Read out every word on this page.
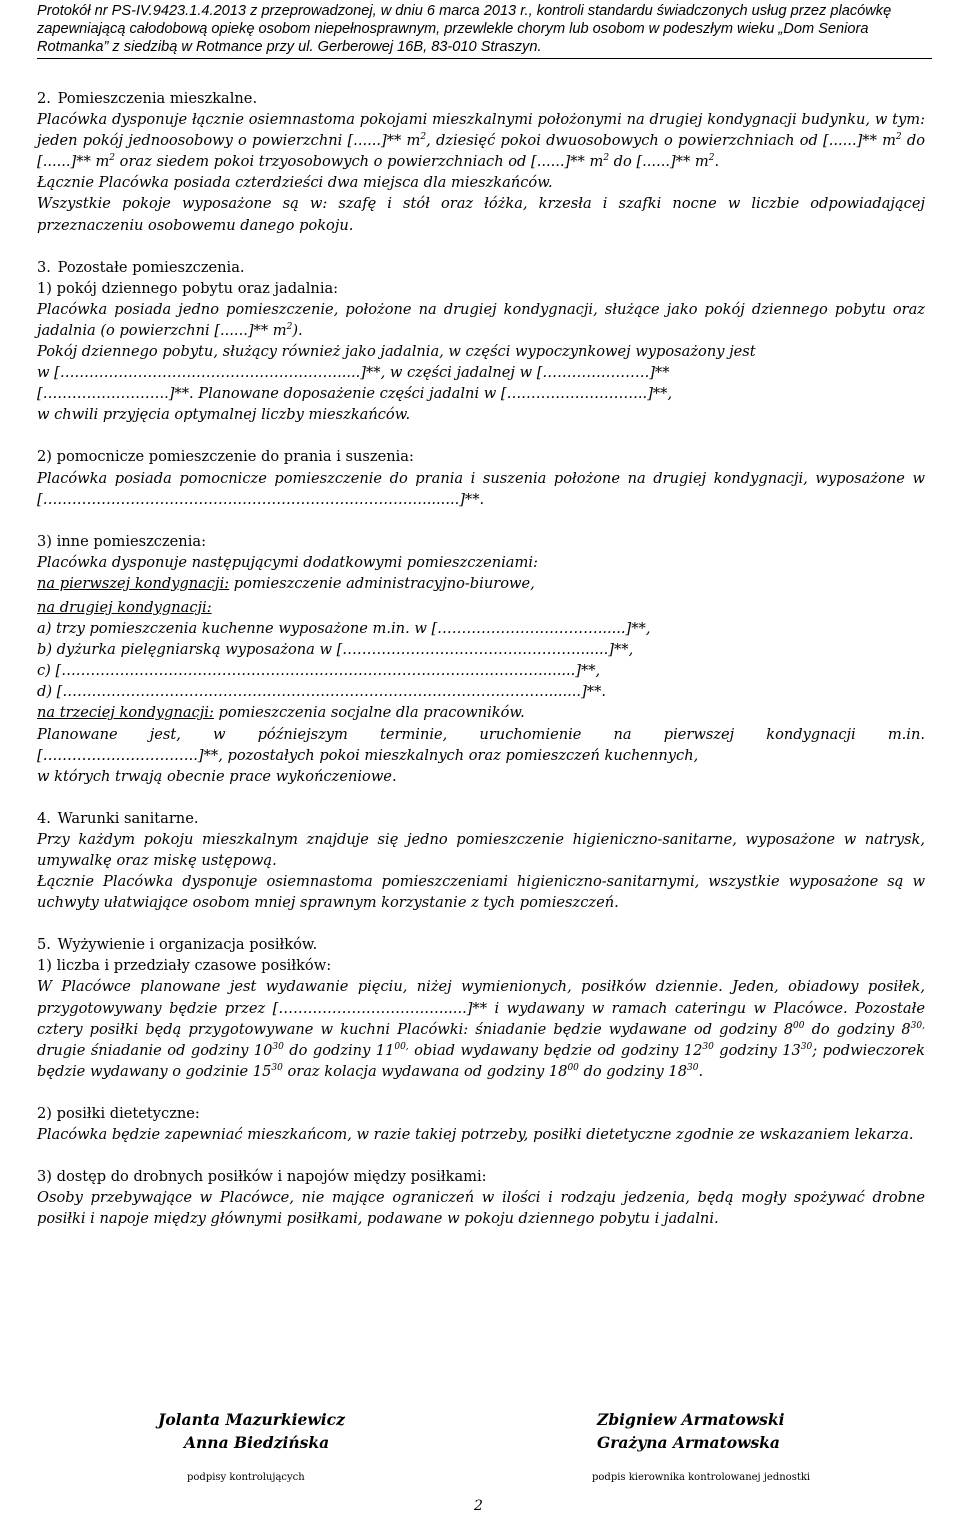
Protokół nr PS-IV.9423.1.4.2013 z przeprowadzonej, w dniu 6 marca 2013 r., kontroli standardu świadczonych usług przez placówkę

zapewniającą całodobową opiekę osobom niepełnosprawnym, przewlekle chorym lub osobom w podeszłym wieku „Dom Seniora

Rotmanka” z siedzibą w Rotmance przy ul. Gerberowej 16B, 83-010 Straszyn.

2. Pomieszczenia mieszkalne.

Placówka dysponuje łącznie osiemnastoma pokojami mieszkalnymi położonymi na drugiej kondygnacji budynku, w tym: jeden pokój jednoosobowy o powierzchni [......]** $m^2$, dziesięć pokoi dwuosobowych o powierzchniach od [......]** $m^2$ do [......]** $m^2$ oraz siedem pokoi trzyosobowych o powierzchniach od [......]** $m^2$ do [......]** $m^2$.

Łącznie Placówka posiada czterdzieści dwa miejsca dla mieszkańców.

Wszystkie pokoje wyposażone są w: szafę i stół oraz łóżka, krzesła i szafki nocne w liczbie odpowiadającej przeznaczeniu osobowemu danego pokoju.

3. Pozostałe pomieszczenia.

1) pokój dziennego pobytu oraz jadalnia:

Placówka posiada jedno pomieszczenie, położone na drugiej kondygnacji, służące jako pokój dziennego pobytu oraz jadalnia (o powierzchni [......]** $m^2$).

Pokój dziennego pobytu, służący również jako jadalnia, w części wypoczynkowej wyposażony jest

w [………………………………………………….....]**, w części jadalnej w [………………….]**

[……………………..]**. Planowane doposażenie części jadalni w [………………………..]**,

w chwili przyjęcia optymalnej liczby mieszkańców.

2) pomocnicze pomieszczenie do prania i suszenia:

Placówka posiada pomocnicze pomieszczenie do prania i suszenia położone na drugiej kondygnacji, wyposażone w [……………………………………………………………………........]**.

3) inne pomieszczenia:

Placówka dysponuje następującymi dodatkowymi pomieszczeniami:

na pierwszej kondygnacji: pomieszczenie administracyjno-biurowe,

na drugiej kondygnacji:

a) trzy pomieszczenia kuchenne wyposażone m.in. w [……………………………......]**,

b) dyżurka pielęgniarską wyposażona w [………………………………………….......]**,

c) [……………………………………………………………………………………….......]**,

d) [………………………………………………………………………………………........]**.

na trzeciej kondygnacji: pomieszczenia socjalne dla pracowników.

Planowane jest, w późniejszym terminie, uruchomienie na pierwszej kondygnacji m.in.

[…………………………..]**, pozostałych pokoi mieszkalnych oraz pomieszczeń kuchennych,

w których trwają obecnie prace wykończeniowe.

4. Warunki sanitarne.

Przy każdym pokoju mieszkalnym znajduje się jedno pomieszczenie higieniczno-sanitarne, wyposażone w natrysk, umywalkę oraz miskę ustępową.

Łącznie Placówka dysponuje osiemnastoma pomieszczeniami higieniczno-sanitarnymi, wszystkie wyposażone są w uchwyty ułatwiające osobom mniej sprawnym korzystanie z tych pomieszczeń.

5. Wyżywienie i organizacja posiłków.

1) liczba i przedziały czasowe posiłków:

W Placówce planowane jest wydawanie pięciu, niżej wymienionych, posiłków dziennie. Jeden, obiadowy posiłek, przygotowywany będzie przez [……………………………......]** i wydawany w ramach cateringu w Placówce. Pozostałe cztery posiłki będą przygotowywane w kuchni Placówki: śniadanie będzie wydawane od godziny $8^{00}$ do godziny $8^{30,}$ drugie śniadanie od godziny $10^{30}$ do godziny $11^{00,}$ obiad wydawany będzie od godziny $12^{30}$ godziny $13^{30}$; podwieczorek będzie wydawany o godzinie $15^{30}$ oraz kolacja wydawana od godziny $18^{00}$ do godziny $18^{30}$.

2) posiłki dietetyczne:

Placówka będzie zapewniać mieszkańcom, w razie takiej potrzeby, posiłki dietetyczne zgodnie ze wskazaniem lekarza.

3) dostęp do drobnych posiłków i napojów między posiłkami:

Osoby przebywające w Placówce, nie mające ograniczeń w ilości i rodzaju jedzenia, będą mogły spożywać drobne posiłki i napoje między głównymi posiłkami, podawane w pokoju dziennego pobytu i jadalni.

Jolanta Mazurkiewicz
Anna Biedzińska
Zbigniew Armatowski
Grażyna Armatowska
podpisy kontrolujących	podpis kierownika kontrolowanej jednostki
2
